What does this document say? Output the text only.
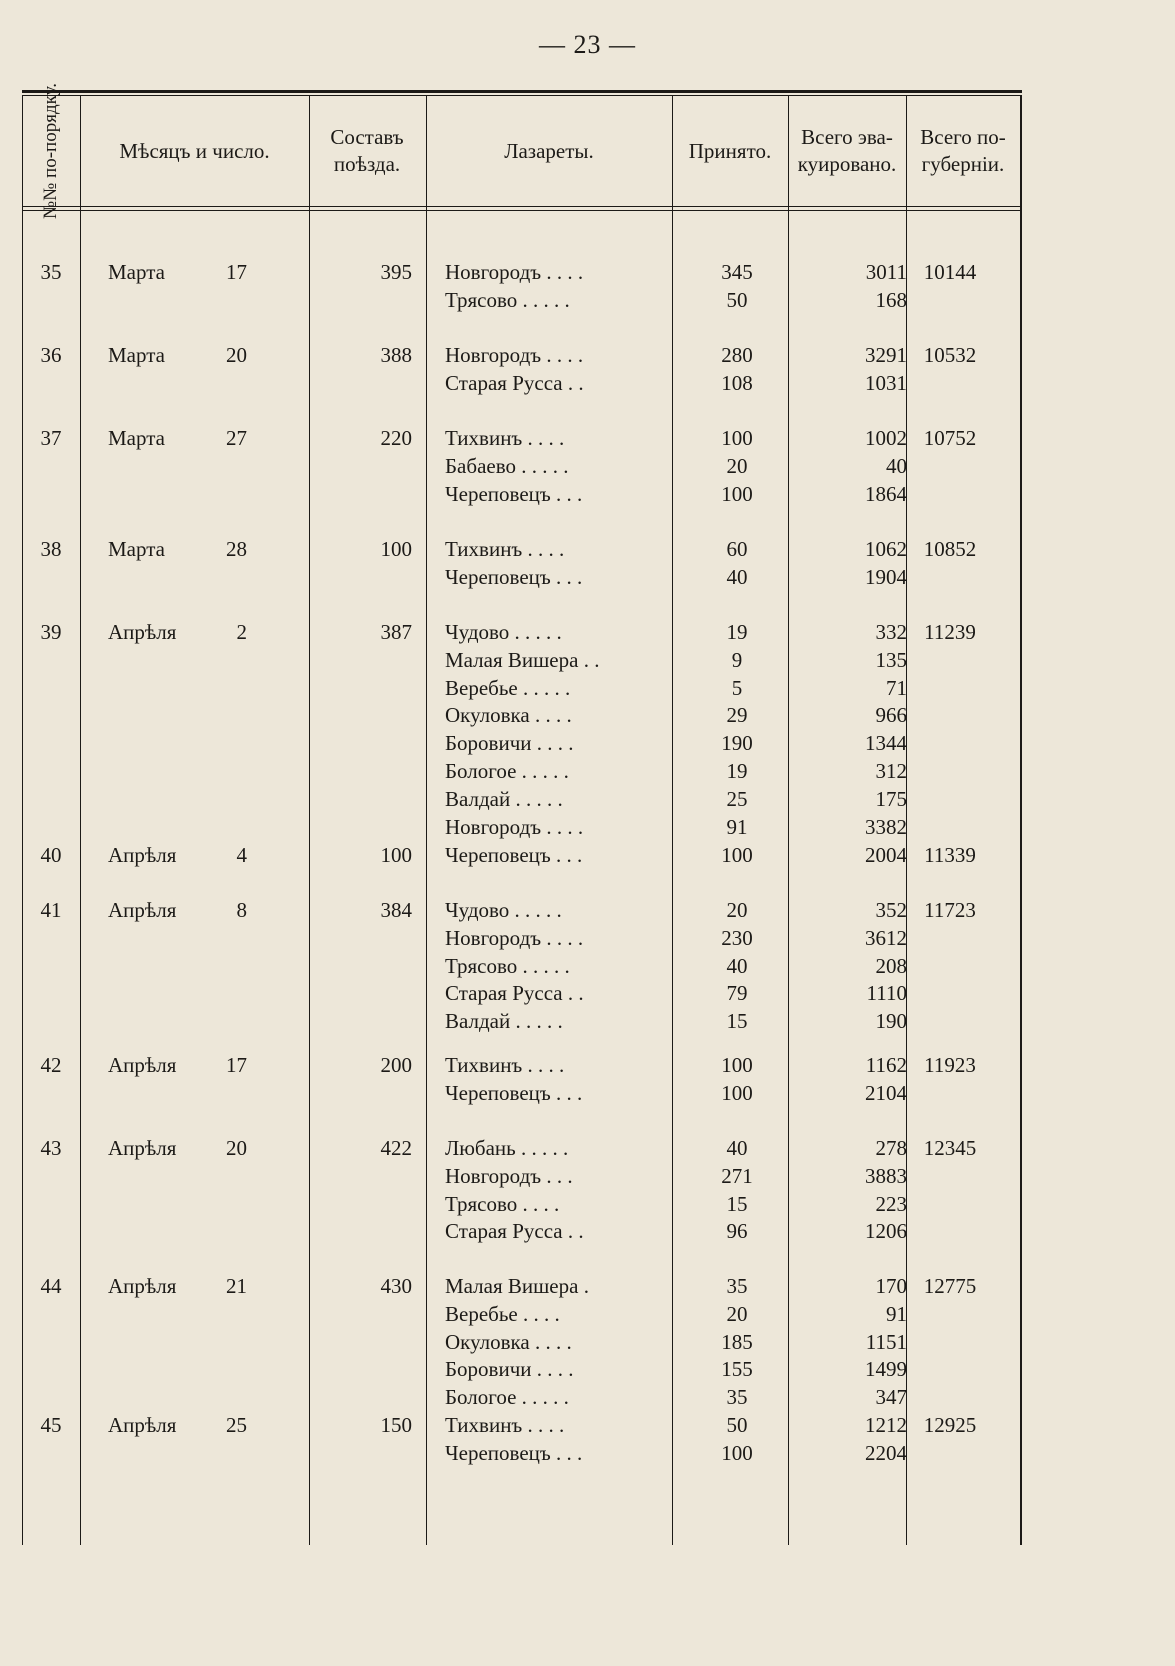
— 23 —
№№ по-порядку.	Мѣсяцъ и число.
Составъ поѣзда.
Лазареты.	Принято.
Всего эва-куировано.
Всего по-губерніи.
35	Марта	17	395	10144
Новгородъ . . . .	345	3011
Трясово . . . . .	50	168
36	Марта	20	388	10532
Новгородъ . . . .	280	3291
Старая Русса . .	108	1031
37	Марта	27	220	10752
Тихвинъ . . . .	100	1002
Бабаево . . . . .	20	40
Череповецъ . . .	100	1864
38	Марта	28	100	10852
Тихвинъ . . . .	60	1062
Череповецъ . . .	40	1904
39	Апрѣля	2	387	11239
Чудово . . . . .	19	332
Малая Вишера . .	9	135
Веребье . . . . .	5	71
Окуловка . . . .	29	966
Боровичи . . . .	190	1344
Бологое . . . . .	19	312
Валдай . . . . .	25	175
Новгородъ . . . .	91	3382
40	Апрѣля	4	100	11339
Череповецъ . . .	100	2004
41	Апрѣля	8	384	11723
Чудово . . . . .	20	352
Новгородъ . . . .	230	3612
Трясово . . . . .	40	208
Старая Русса . .	79	1110
Валдай . . . . .	15	190
42	Апрѣля	17	200	11923
Тихвинъ . . . .	100	1162
Череповецъ . . .	100	2104
43	Апрѣля	20	422	12345
Любань . . . . .	40	278
Новгородъ . . .	271	3883
Трясово . . . .	15	223
Старая Русса . .	96	1206
44	Апрѣля	21	430	12775
Малая Вишера .	35	170
Веребье . . . .	20	91
Окуловка . . . .	185	1151
Боровичи . . . .	155	1499
Бологое . . . . .	35	347
45	Апрѣля	25	150	12925
Тихвинъ . . . .	50	1212
Череповецъ . . .	100	2204
